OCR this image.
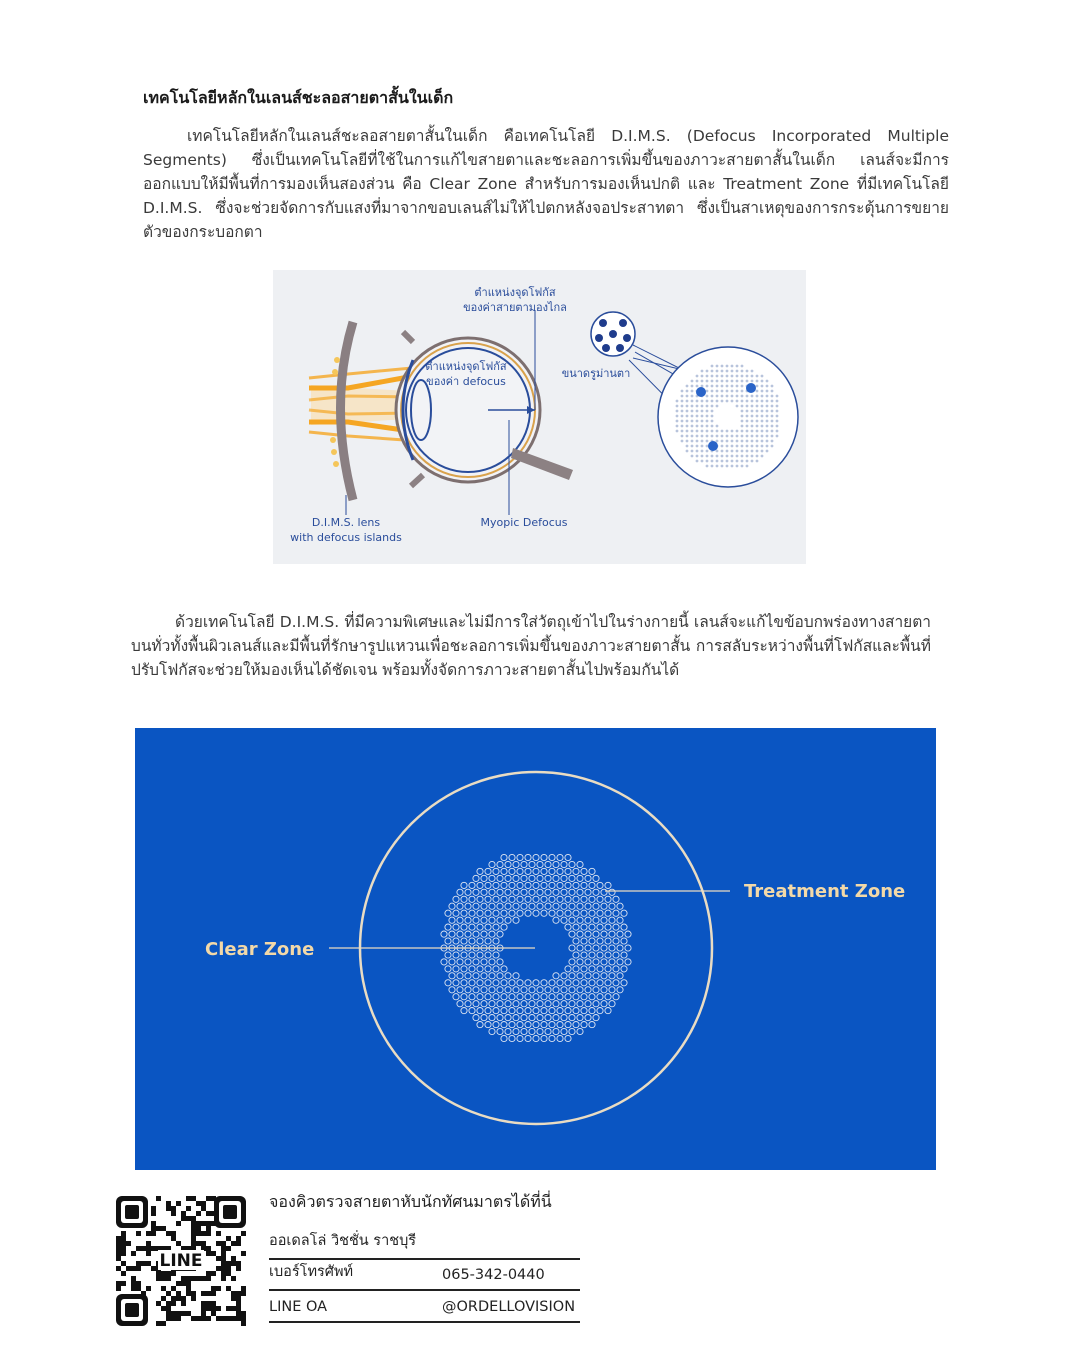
เทคโนโลยีหลักในเลนส์ชะลอสายตาสั้นในเด็ก
เทคโนโลยีหลักในเลนส์ชะลอสายตาสั้นในเด็ก คือเทคโนโลยี D.I.M.S. (Defocus Incorporated Multiple Segments) ซึ่งเป็นเทคโนโลยีที่ใช้ในการแก้ไขสายตาและชะลอการเพิ่มขึ้นของภาวะสายตาสั้นในเด็ก เลนส์จะมีการออกแบบให้มีพื้นที่การมองเห็นสองส่วน คือ Clear Zone สำหรับการมองเห็นปกติ และ Treatment Zone ที่มีเทคโนโลยี D.I.M.S. ซึ่งจะช่วยจัดการกับแสงที่มาจากขอบเลนส์ไม่ให้ไปตกหลังจอประสาทตา ซึ่งเป็นสาเหตุของการกระตุ้นการขยายตัวของกระบอกตา
ตำแหน่งจุดโฟกัส
ของค่าสายตามองไกล
ตำแหน่งจุดโฟกัส
ของค่า defocus
ขนาดรูม่านตา
D.I.M.S. lens
with defocus islands
Myopic Defocus
ด้วยเทคโนโลยี D.I.M.S. ที่มีความพิเศษและไม่มีการใส่วัตถุเข้าไปในร่างกายนี้ เลนส์จะแก้ไขข้อบกพร่องทางสายตาบนทั่วทั้งพื้นผิวเลนส์และมีพื้นที่รักษารูปแหวนเพื่อชะลอการเพิ่มขึ้นของภาวะสายตาสั้น การสลับระหว่างพื้นที่โฟกัสและพื้นที่ปรับโฟกัสจะช่วยให้มองเห็นได้ชัดเจน พร้อมทั้งจัดการภาวะสายตาสั้นไปพร้อมกันได้
Treatment Zone
Clear Zone
LINE
จองคิวตรวจสายตาหับนักทัศนมาตรได้ที่นี่
ออเดลโล่ วิชชั่น ราชบุรี
เบอร์โทรศัพท์	065-342-0440
LINE OA	@ORDELLOVISION
